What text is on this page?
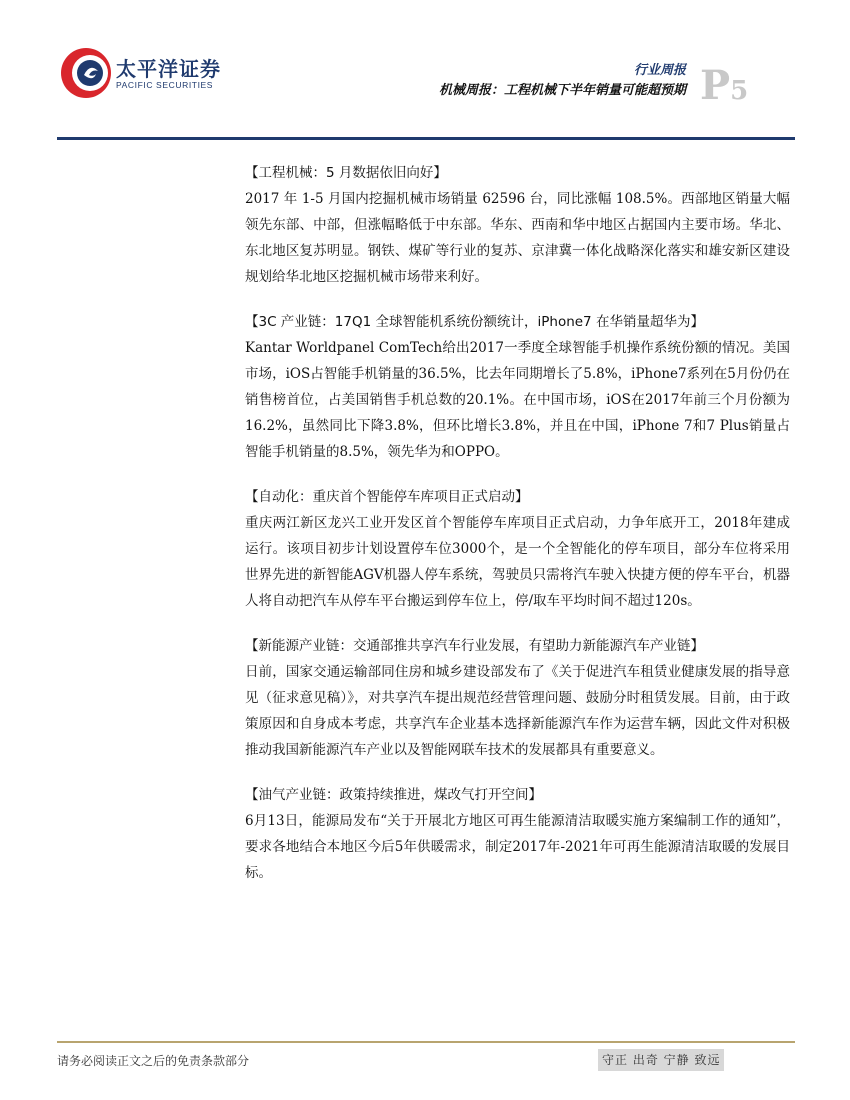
太平洋证券
PACIFIC SECURITIES
行业周报
机械周报：工程机械下半年销量可能超预期 P5

【工程机械：5 月数据依旧向好】

2017 年 1-5 月国内挖掘机械市场销量 62596 台，同比涨幅 108.5%。西部地区销量大幅领先东部、中部，但涨幅略低于中东部。华东、西南和华中地区占据国内主要市场。华北、东北地区复苏明显。钢铁、煤矿等行业的复苏、京津冀一体化战略深化落实和雄安新区建设规划给华北地区挖掘机械市场带来利好。

【3C 产业链：17Q1 全球智能机系统份额统计，iPhone7 在华销量超华为】

Kantar Worldpanel ComTech给出2017一季度全球智能手机操作系统份额的情况。美国市场，iOS占智能手机销量的36.5%，比去年同期增长了5.8%，iPhone7系列在5月份仍在销售榜首位，占美国销售手机总数的20.1%。在中国市场，iOS在2017年前三个月份额为16.2%，虽然同比下降3.8%，但环比增长3.8%，并且在中国，iPhone 7和7 Plus销量占智能手机销量的8.5%，领先华为和OPPO。

【自动化：重庆首个智能停车库项目正式启动】

重庆两江新区龙兴工业开发区首个智能停车库项目正式启动，力争年底开工，2018年建成运行。该项目初步计划设置停车位3000个，是一个全智能化的停车项目，部分车位将采用世界先进的新智能AGV机器人停车系统，驾驶员只需将汽车驶入快捷方便的停车平台，机器人将自动把汽车从停车平台搬运到停车位上，停/取车平均时间不超过120s。

【新能源产业链：交通部推共享汽车行业发展，有望助力新能源汽车产业链】

日前，国家交通运输部同住房和城乡建设部发布了《关于促进汽车租赁业健康发展的指导意见（征求意见稿）》，对共享汽车提出规范经营管理问题、鼓励分时租赁发展。目前，由于政策原因和自身成本考虑，共享汽车企业基本选择新能源汽车作为运营车辆，因此文件对积极推动我国新能源汽车产业以及智能网联车技术的发展都具有重要意义。

【油气产业链：政策持续推进，煤改气打开空间】

6月13日，能源局发布“关于开展北方地区可再生能源清洁取暖实施方案编制工作的通知”，要求各地结合本地区今后5年供暖需求，制定2017年-2021年可再生能源清洁取暖的发展目标。

请务必阅读正文之后的免责条款部分	守正 出奇 宁静 致远
